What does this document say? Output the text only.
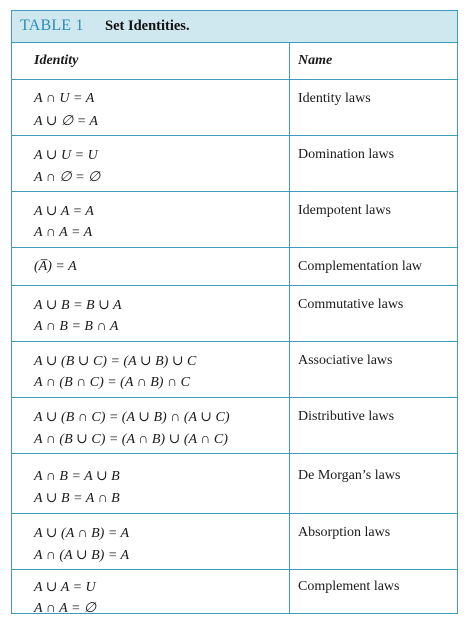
TABLE 1 Set Identities.
Identity	Name
A ∩ U = A
A ∪ ∅ = A
Identity laws
A ∪ U = U
A ∩ ∅ = ∅
Domination laws
A ∪ A = A
A ∩ A = A
Idempotent laws
(A̅) = A	Complementation law
A ∪ B = B ∪ A
A ∩ B = B ∩ A
Commutative laws
A ∪ (B ∪ C) = (A ∪ B) ∪ C
A ∩ (B ∩ C) = (A ∩ B) ∩ C
Associative laws
A ∪ (B ∩ C) = (A ∪ B) ∩ (A ∪ C)
A ∩ (B ∪ C) = (A ∩ B) ∪ (A ∩ C)
Distributive laws
A ∩ B = A ∪ B
A ∪ B = A ∩ B
De Morgan’s laws
A ∪ (A ∩ B) = A
A ∩ (A ∪ B) = A
Absorption laws
A ∪ A = U
A ∩ A = ∅
Complement laws
